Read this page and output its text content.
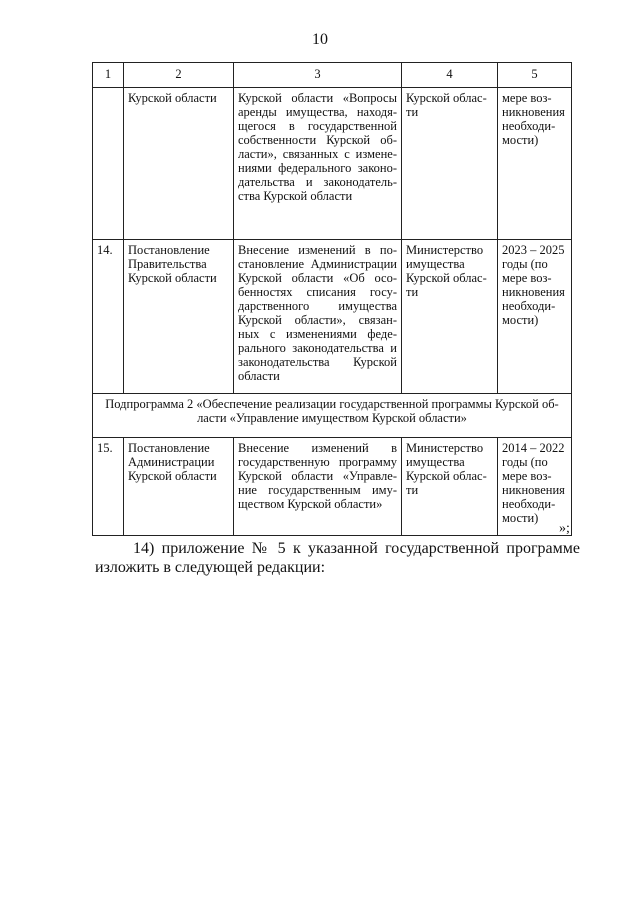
10
1	2	3	4	5
	Курской области	Курской области «Вопросы аренды имущества, находя-щегося в государственной собственности Курской об-ласти», связанных с измене-ниями федерального законо-дательства и законодатель-ства Курской области	Курской облас-ти	мере воз-никновения необходи-мости)
14.	Постановление Правительства Курской области	Внесение изменений в по-становление Администрации Курской области «Об осо-бенностях списания госу-дарственного имущества Курской области», связан-ных с изменениями феде-рального законодательства и законодательства Курской области	Министерство имущества Курской облас-ти	2023 – 2025 годы (по мере воз-никновения необходи-мости)
Подпрограмма 2 «Обеспечение реализации государственной программы Курской об-ласти «Управление имуществом Курской области»				
15.	Постановление Администрации Курской области	Внесение изменений в государственную программу Курской области «Управле-ние государственным иму-ществом Курской области»	Министерство имущества Курской облас-ти	2014 – 2022 годы (по мере воз-никновения необходи-мости)
»;
14) приложение № 5 к указанной государственной программе
изложить в следующей редакции:
